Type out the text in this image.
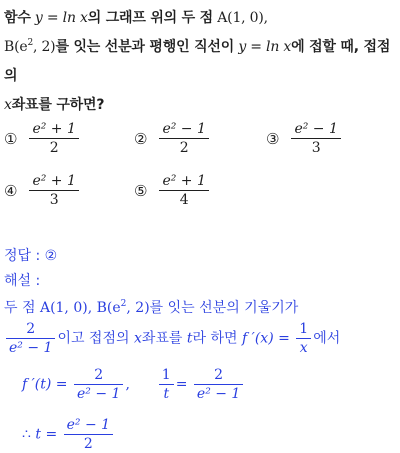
함수 y = ln x의 그래프 위의 두 점 A(1, 0),
$B(e^2$, 2)를 잇는 선분과 평행인 직선이 y = ln x에 접할 때, 접점의
x좌표를 구하면?
① $\frac{\text{e² + 1}}{2}$	② $\frac{\text{e² − 1}}{2}$	③ $\frac{\text{e² − 1}}{3}$
④ $\frac{\text{e² + 1}}{3}$	⑤ $\frac{\text{e² + 1}}{4}$
정답 : ②
해설 :
두 점 A(1, 0), $B(e^2$, 2)를 잇는 선분의 기울기가
$\frac{2}{\text{e² − 1}}$ 이고 접점의 x좌표를 t라 하면 f $'(x) = \frac{1}{x}$ 에서
f $'(t) = \frac{2}{\text{e² − 1}}$ , $\frac{1}{t} = \frac{2}{\text{e² − 1}}$
∴ $t = \frac{\text{e² − 1}}{2}$
